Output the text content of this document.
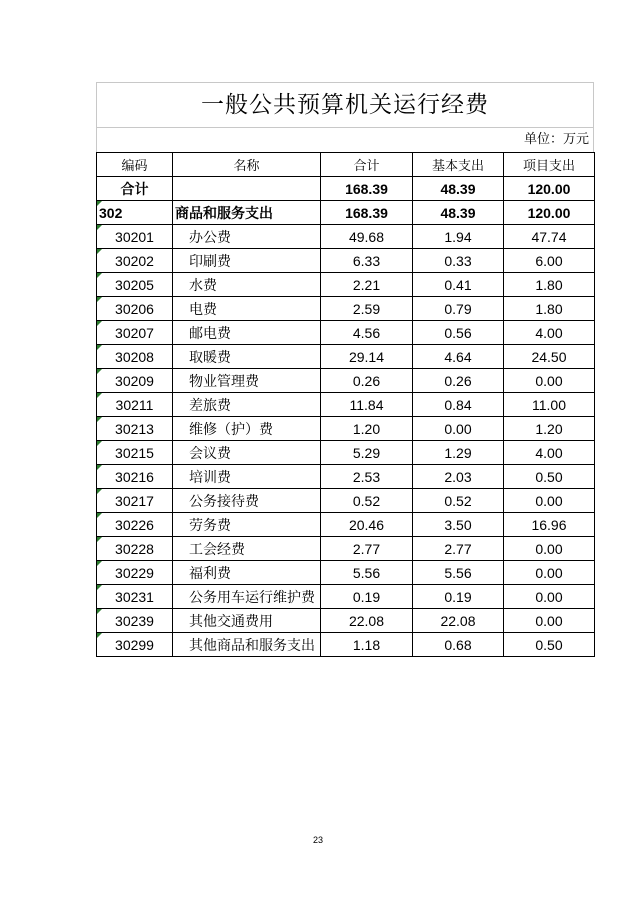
一般公共预算机关运行经费
单位：万元
编码	名称	合计	基本支出	项目支出
合计		168.39	48.39	120.00
302	商品和服务支出	168.39	48.39	120.00
30201	办公费	49.68	1.94	47.74
30202	印刷费	6.33	0.33	6.00
30205	水费	2.21	0.41	1.80
30206	电费	2.59	0.79	1.80
30207	邮电费	4.56	0.56	4.00
30208	取暖费	29.14	4.64	24.50
30209	物业管理费	0.26	0.26	0.00
30211	差旅费	11.84	0.84	11.00
30213	维修（护）费	1.20	0.00	1.20
30215	会议费	5.29	1.29	4.00
30216	培训费	2.53	2.03	0.50
30217	公务接待费	0.52	0.52	0.00
30226	劳务费	20.46	3.50	16.96
30228	工会经费	2.77	2.77	0.00
30229	福利费	5.56	5.56	0.00
30231	公务用车运行维护费	0.19	0.19	0.00
30239	其他交通费用	22.08	22.08	0.00
30299	其他商品和服务支出	1.18	0.68	0.50
23
